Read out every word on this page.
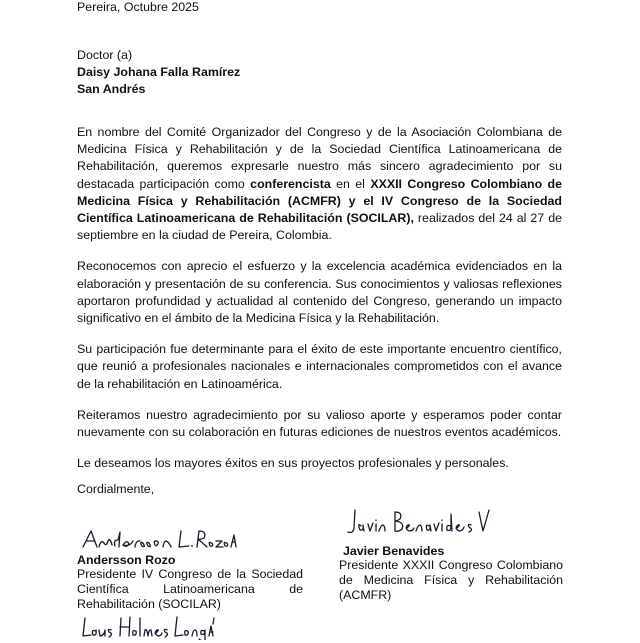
Pereira, Octubre 2025
Doctor (a)
Daisy Johana Falla Ramírez
San Andrés

En nombre del Comité Organizador del Congreso y de la Asociación Colombiana de Medicina Física y Rehabilitación y de la Sociedad Científica Latinoamericana de Rehabilitación, queremos expresarle nuestro más sincero agradecimiento por su destacada participación como conferencista en el XXXII Congreso Colombiano de Medicina Física y Rehabilitación (ACMFR) y el IV Congreso de la Sociedad Científica Latinoamericana de Rehabilitación (SOCILAR), realizados del 24 al 27 de septiembre en la ciudad de Pereira, Colombia.

Reconocemos con aprecio el esfuerzo y la excelencia académica evidenciados en la elaboración y presentación de su conferencia. Sus conocimientos y valiosas reflexiones aportaron profundidad y actualidad al contenido del Congreso, generando un impacto significativo en el ámbito de la Medicina Física y la Rehabilitación.

Su participación fue determinante para el éxito de este importante encuentro científico, que reunió a profesionales nacionales e internacionales comprometidos con el avance de la rehabilitación en Latinoamérica.

Reiteramos nuestro agradecimiento por su valioso aporte y esperamos poder contar nuevamente con su colaboración en futuras ediciones de nuestros eventos académicos.

Le deseamos los mayores éxitos en sus proyectos profesionales y personales.

Cordialmente,
Andersson Rozo
Presidente IV Congreso de la Sociedad Científica Latinoamericana de Rehabilitación (SOCILAR)
Javier Benavides
Presidente XXXII Congreso Colombiano de Medicina Física y Rehabilitación (ACMFR)
